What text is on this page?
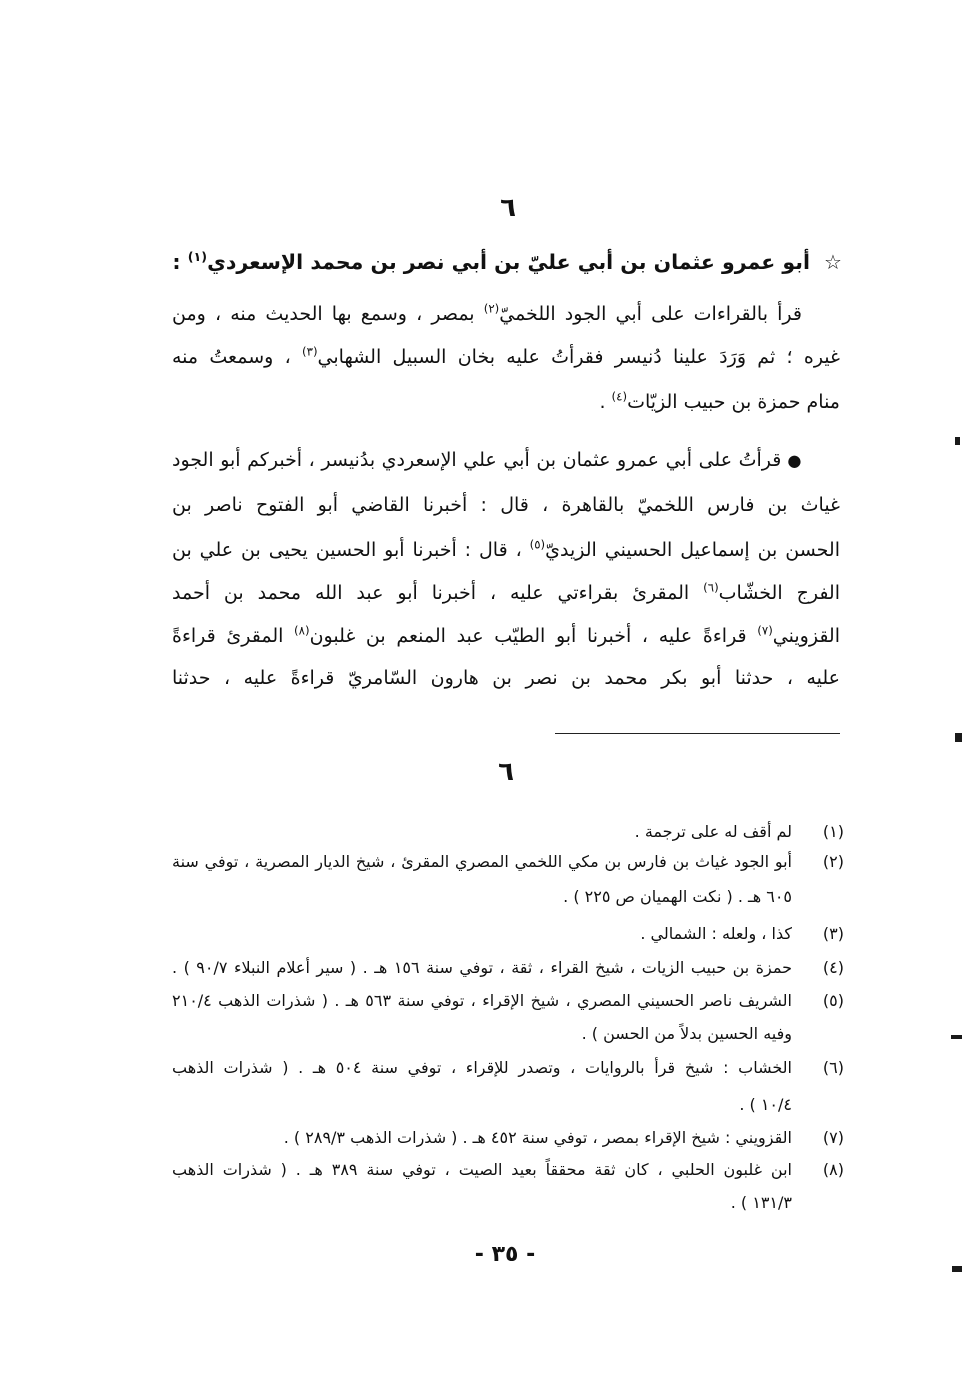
٦
☆
أبو عمرو عثمان بن أبي عليّ بن أبي نصر بن محمد الإسعردي$^{(١)}$ :
قرأ بالقراءات على أبي الجود اللخميّ$^{(٢)}$ بمصر ، وسمع بها الحديث منه ، ومن
غيره ؛ ثم وَرَدَ علينا دُنيسر فقرأتُ عليه بخان السبيل الشهابي$^{(٣)}$ ، وسمعتُ منه
منام حمزة بن حبيب الزيّات$^{(٤)}$ .
●قرأتُ على أبي عمرو عثمان بن أبي علي الإسعردي بدُنيسر ، أخبركم أبو الجود
غياث بن فارس اللخميّ بالقاهرة ، قال : أخبرنا القاضي أبو الفتوح ناصر بن
الحسن بن إسماعيل الحسيني الزيديّ$^{(٥)}$ ، قال : أخبرنا أبو الحسين يحيى بن علي بن
الفرج الخشّاب$^{(٦)}$ المقرئ بقراءتي عليه ، أخبرنا أبو عبد الله محمد بن أحمد
القزويني$^{(٧)}$ قراءةً عليه ، أخبرنا أبو الطيّب عبد المنعم بن غلبون$^{(٨)}$ المقرئ قراءةً
عليه ، حدثنا أبو بكر محمد بن نصر بن هارون السّامريّ قراءةً عليه ، حدثنا
٦
(١)
لم أقف له على ترجمة .
(٢)
أبو الجود غياث بن فارس بن مكي اللخمي المصري المقرئ ، شيخ الديار المصرية ، توفي سنة
٦٠٥ هـ . ( نكت الهميان ص ٢٢٥ ) .
(٣)
كذا ، ولعله : الشمالي .
(٤)
حمزة بن حبيب الزيات ، شيخ القراء ، ثقة ، توفي سنة ١٥٦ هـ . ( سير أعلام النبلاء ٩٠/٧ ) .
(٥)
الشريف ناصر الحسيني المصري ، شيخ الإقراء ، توفي سنة ٥٦٣ هـ . ( شذرات الذهب ٢١٠/٤
وفيه الحسين بدلاً من الحسن ) .
(٦)
الخشاب : شيخ قرأ بالروايات ، وتصدر للإقراء ، توفي سنة ٥٠٤ هـ . ( شذرات الذهب
١٠/٤ ) .
(٧)
القزويني : شيخ الإقراء بمصر ، توفي سنة ٤٥٢ هـ . ( شذرات الذهب ٢٨٩/٣ ) .
(٨)
ابن غلبون الحلبي ، كان ثقة محققاً بعيد الصيت ، توفي سنة ٣٨٩ هـ . ( شذرات الذهب
١٣١/٣ ) .
- ٣٥ -
